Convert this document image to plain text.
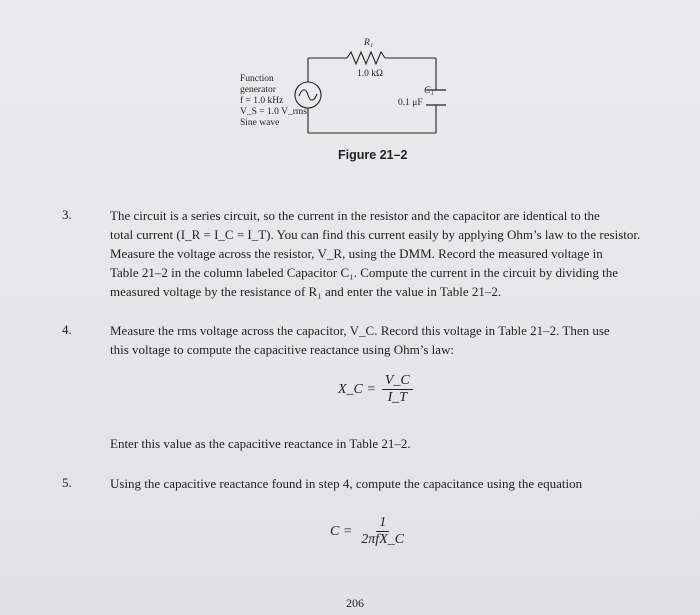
Function
generator
f = 1.0 kHz
V_S = 1.0 V_rms
Sine wave
R₁
1.0 kΩ
C₁
0.1 μF
Figure 21–2
3.	The circuit is a series circuit, so the current in the resistor and the capacitor are identical to the
total current (I_R = I_C = I_T). You can find this current easily by applying Ohm’s law to the resistor.
Measure the voltage across the resistor, V_R, using the DMM. Record the measured voltage in
Table 21–2 in the column labeled Capacitor C₁. Compute the current in the circuit by dividing the
measured voltage by the resistance of R₁ and enter the value in Table 21–2.
4.	Measure the rms voltage across the capacitor, V_C. Record this voltage in Table 21–2. Then use
this voltage to compute the capacitive reactance using Ohm’s law:
X_C = $\frac{V\_C}{I\_T}$
Enter this value as the capacitive reactance in Table 21–2.
5.	Using the capacitive reactance found in step 4, compute the capacitance using the equation
$C = \frac{1}{\text{2πfX\_C}}$
206
